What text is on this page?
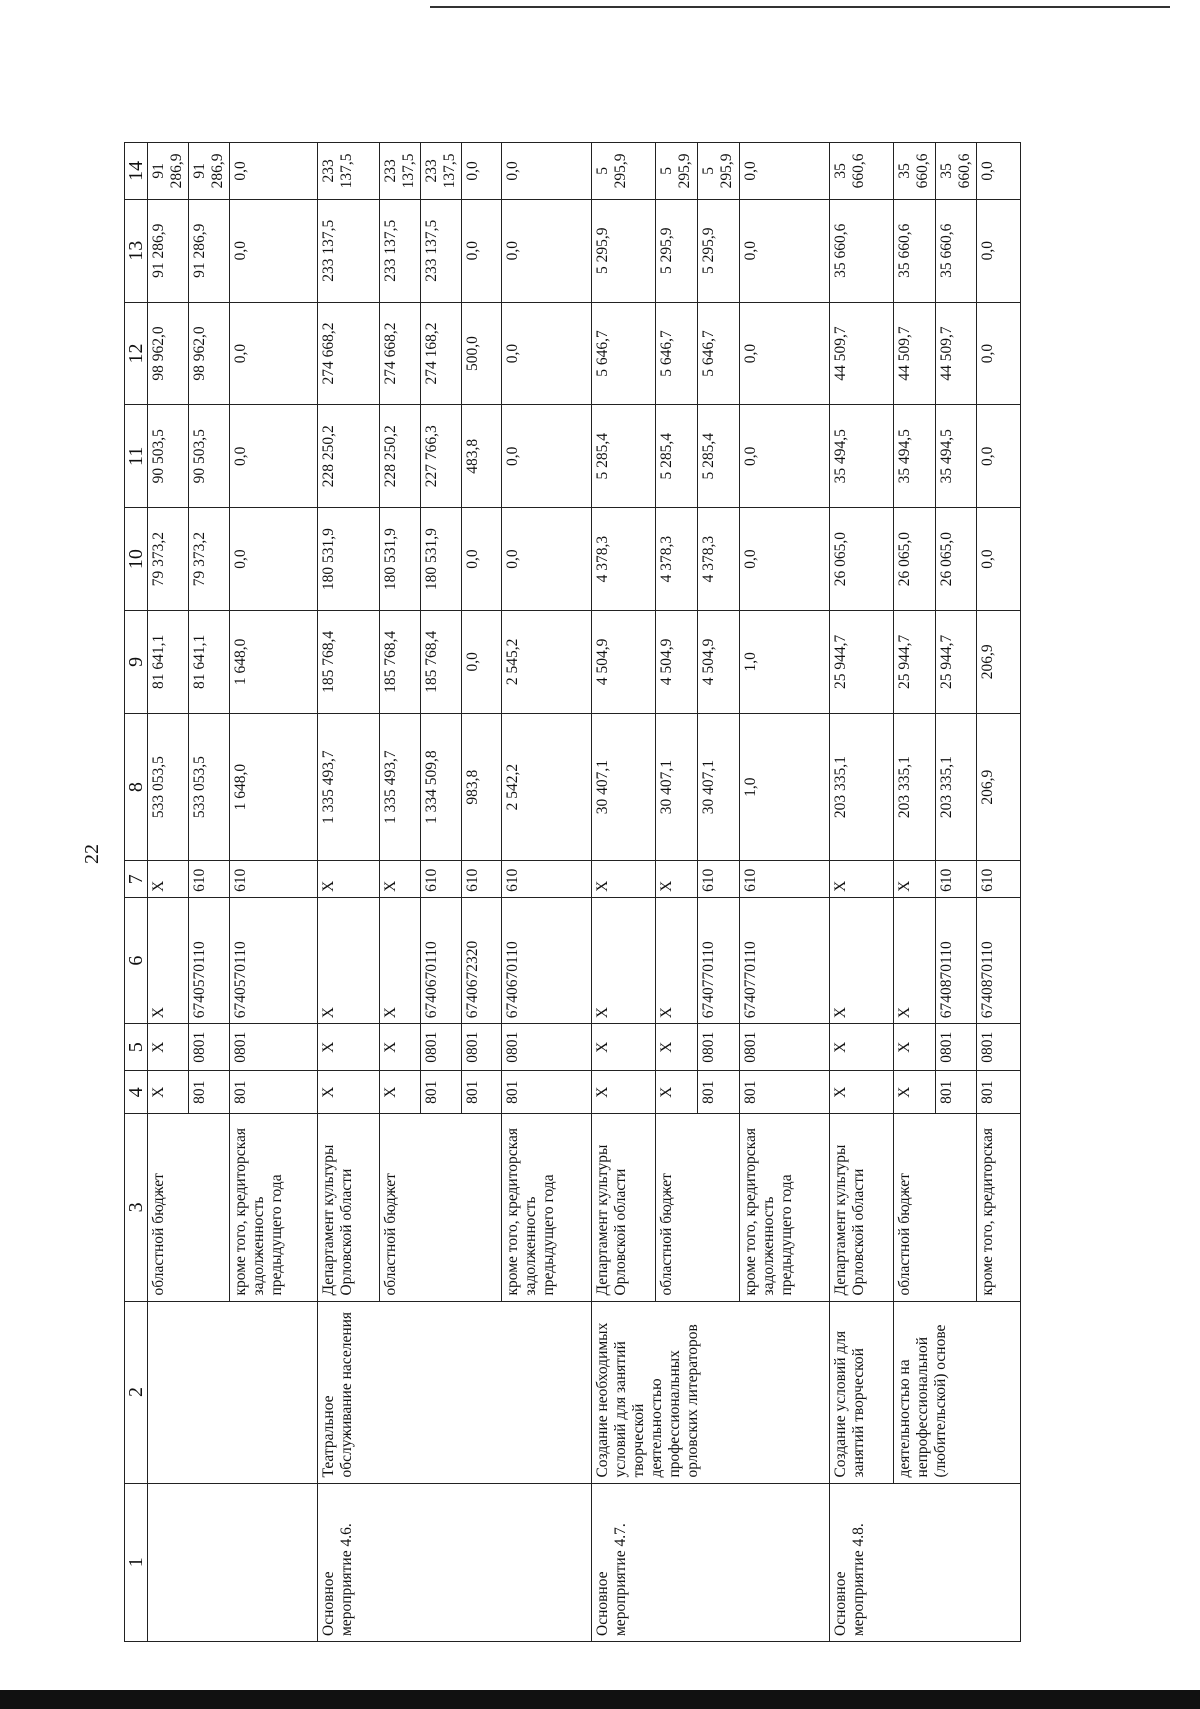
22
1	2	3	4	5	6	7	8	9	10	11	12	13	14
		областной бюджет	Х	Х	Х	Х	533 053,5	81 641,1	79 373,2	90 503,5	98 962,0	91 286,9	91 286,9
			801	0801	6740570110	610	533 053,5	81 641,1	79 373,2	90 503,5	98 962,0	91 286,9	91 286,9
		кроме того, кредиторская задолженность предыдущего года	801	0801	6740570110	610	1 648,0	1 648,0	0,0	0,0	0,0	0,0	0,0
Основное мероприятие 4.6.	Театральное обслуживание населения	Департамент культуры Орловской области	Х	Х	Х	Х	1 335 493,7	185 768,4	180 531,9	228 250,2	274 668,2	233 137,5	233 137,5
		областной бюджет	Х	Х	Х	Х	1 335 493,7	185 768,4	180 531,9	228 250,2	274 668,2	233 137,5	233 137,5
			801	0801	6740670110	610	1 334 509,8	185 768,4	180 531,9	227 766,3	274 168,2	233 137,5	233 137,5
			801	0801	6740672320	610	983,8	0,0	0,0	483,8	500,0	0,0	0,0
		кроме того, кредиторская задолженность предыдущего года	801	0801	6740670110	610	2 542,2	2 545,2	0,0	0,0	0,0	0,0	0,0
Основное мероприятие 4.7.	Создание необходимых условий для занятий творческой деятельностью профессиональных орловских литераторов	Департамент культуры Орловской области	Х	Х	Х	Х	30 407,1	4 504,9	4 378,3	5 285,4	5 646,7	5 295,9	5 295,9
		областной бюджет	Х	Х	Х	Х	30 407,1	4 504,9	4 378,3	5 285,4	5 646,7	5 295,9	5 295,9
			801	0801	6740770110	610	30 407,1	4 504,9	4 378,3	5 285,4	5 646,7	5 295,9	5 295,9
		кроме того, кредиторская задолженность предыдущего года	801	0801	6740770110	610	1,0	1,0	0,0	0,0	0,0	0,0	0,0
Основное мероприятие 4.8.	Создание условий для занятий творческой	Департамент культуры Орловской области	Х	Х	Х	Х	203 335,1	25 944,7	26 065,0	35 494,5	44 509,7	35 660,6	35 660,6
	деятельностью на непрофессиональной (любительской) основе	областной бюджет	Х	Х	Х	Х	203 335,1	25 944,7	26 065,0	35 494,5	44 509,7	35 660,6	35 660,6
			801	0801	6740870110	610	203 335,1	25 944,7	26 065,0	35 494,5	44 509,7	35 660,6	35 660,6
		кроме того, кредиторская	801	0801	6740870110	610	206,9	206,9	0,0	0,0	0,0	0,0	0,0
